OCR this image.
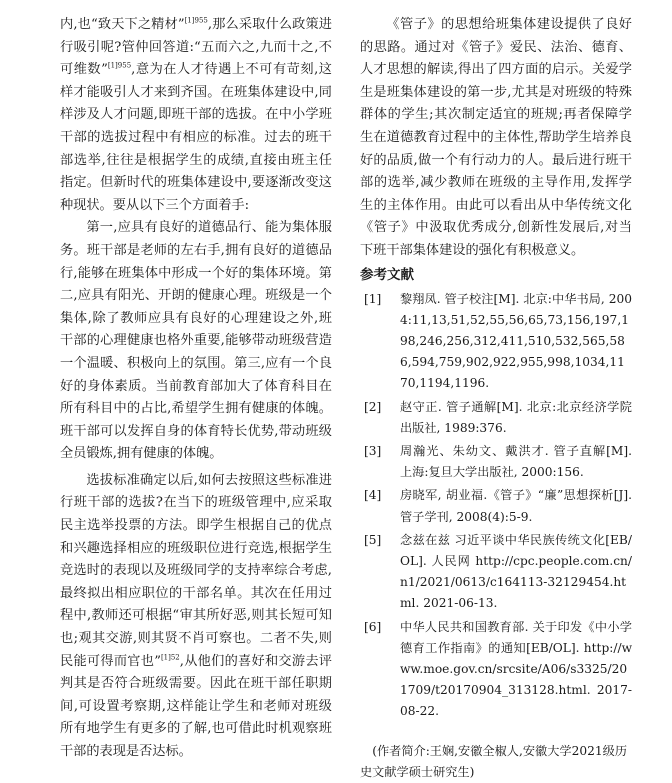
内,也“致天下之精材”$^{[1]955}$,那么采取什么政策进行吸引呢?管仲回答道:“五而六之,九而十之,不可维数”$^{[1]955}$,意为在人才待遇上不可有苛刻,这样才能吸引人才来到齐国。在班集体建设中,同样涉及人才问题,即班干部的选拔。在中小学班干部的选拔过程中有相应的标准。过去的班干部选举,往往是根据学生的成绩,直接由班主任指定。但新时代的班集体建设中,要逐渐改变这种现状。要从以下三个方面着手:

第一,应具有良好的道德品行、能为集体服务。班干部是老师的左右手,拥有良好的道德品行,能够在班集体中形成一个好的集体环境。第二,应具有阳光、开朗的健康心理。班级是一个集体,除了教师应具有良好的心理建设之外,班干部的心理健康也格外重要,能够带动班级营造一个温暖、积极向上的氛围。第三,应有一个良好的身体素质。当前教育部加大了体育科目在所有科目中的占比,希望学生拥有健康的体魄。班干部可以发挥自身的体育特长优势,带动班级全员锻炼,拥有健康的体魄。

选拔标准确定以后,如何去按照这些标准进行班干部的选拔?在当下的班级管理中,应采取民主选举投票的方法。即学生根据自己的优点和兴趣选择相应的班级职位进行竞选,根据学生竞选时的表现以及班级同学的支持率综合考虑,最终拟出相应职位的干部名单。其次在任用过程中,教师还可根据“审其所好恶,则其长短可知也;观其交游,则其贤不肖可察也。二者不失,则民能可得而官也”$^{[1]52}$,从他们的喜好和交游去评判其是否符合班级需要。因此在班干部任职期间,可设置考察期,这样能让学生和老师对班级所有地学生有更多的了解,也可借此时机观察班干部的表现是否达标。

《管子》的思想给班集体建设提供了良好的思路。通过对《管子》爱民、法治、德育、人才思想的解读,得出了四方面的启示。关爱学生是班集体建设的第一步,尤其是对班级的特殊群体的学生;其次制定适宜的班规;再者保障学生在道德教育过程中的主体性,帮助学生培养良好的品质,做一个有行动力的人。最后进行班干部的选举,减少教师在班级的主导作用,发挥学生的主体作用。由此可以看出从中华传统文化《管子》中汲取优秀成分,创新性发展后,对当下班干部集体建设的强化有积极意义。

参考文献
[1]	黎翔凤. 管子校注[M]. 北京:中华书局, 2004:11,13,51,52,55,56,65,73,156,197,198,246,256,312,411,510,532,565,586,594,759,902,922,955,998,1034,1170,1194,1196.
[2]	赵守正. 管子通解[M]. 北京:北京经济学院出版社, 1989:376.
[3]	周瀚光、朱幼文、戴洪才. 管子直解[M]. 上海:复旦大学出版社, 2000:156.
[4]	房晓军, 胡业福.《管子》“廉”思想探析[J]. 管子学刊, 2008(4):5-9.
[5]	念兹在兹 习近平谈中华民族传统文化[EB/OL]. 人民网 http://cpc.people.com.cn/n1/2021/0613/c164113-32129454.html. 2021-06-13.
[6]	中华人民共和国教育部. 关于印发《中小学德育工作指南》的通知[EB/OL]. http://www.moe.gov.cn/srcsite/A06/s3325/201709/t20170904_313128.html. 2017-08-22.
(作者简介:王娴,安徽全椒人,安徽大学2021级历史文献学硕士研究生)
